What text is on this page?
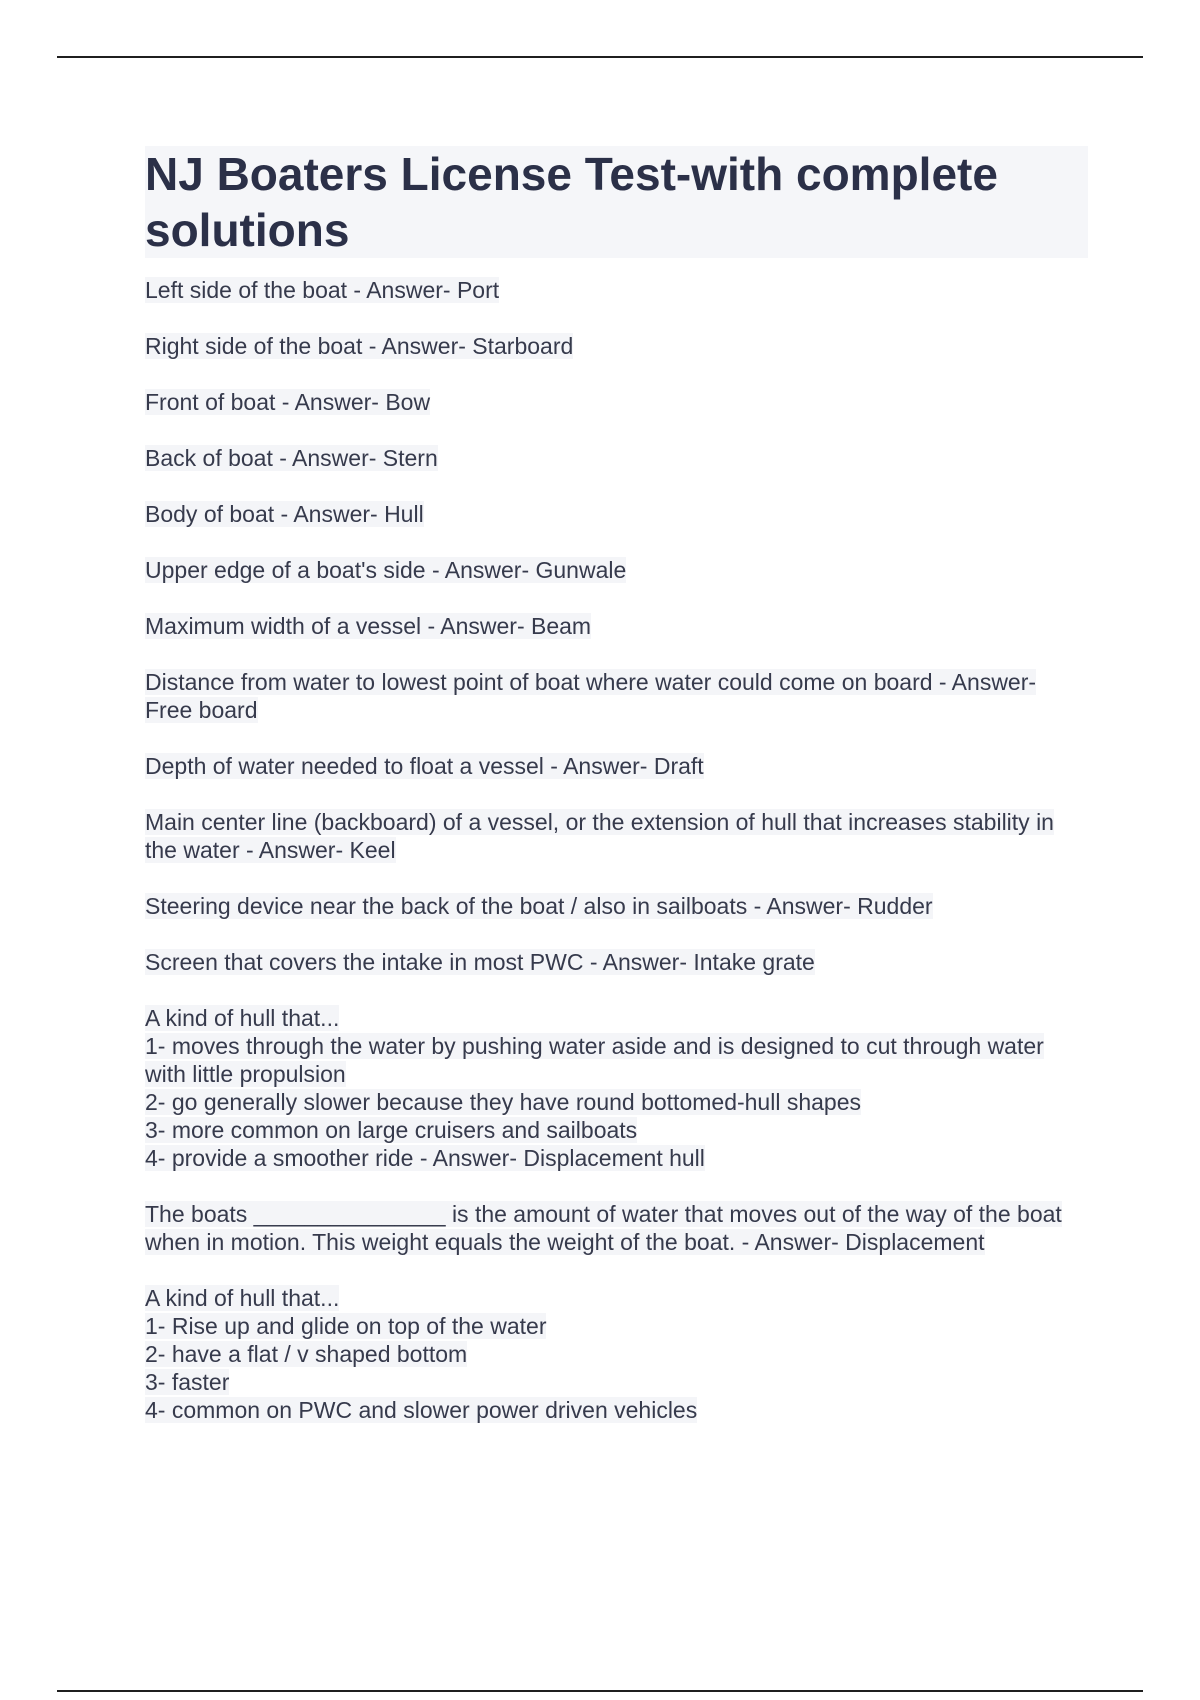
NJ Boaters License Test-with complete solutions
Left side of the boat - Answer- Port
Right side of the boat - Answer- Starboard
Front of boat - Answer- Bow
Back of boat - Answer- Stern
Body of boat - Answer- Hull
Upper edge of a boat's side - Answer- Gunwale
Maximum width of a vessel - Answer- Beam
Distance from water to lowest point of boat where water could come on board - Answer- Free board
Depth of water needed to float a vessel - Answer- Draft
Main center line (backboard) of a vessel, or the extension of hull that increases stability in the water - Answer- Keel
Steering device near the back of the boat / also in sailboats - Answer- Rudder
Screen that covers the intake in most PWC - Answer- Intake grate
A kind of hull that...
1- moves through the water by pushing water aside and is designed to cut through water with little propulsion
2- go generally slower because they have round bottomed-hull shapes
3- more common on large cruisers and sailboats
4- provide a smoother ride - Answer- Displacement hull
The boats _______________ is the amount of water that moves out of the way of the boat when in motion. This weight equals the weight of the boat. - Answer- Displacement
A kind of hull that...
1- Rise up and glide on top of the water
2- have a flat / v shaped bottom
3- faster
4- common on PWC and slower power driven vehicles
